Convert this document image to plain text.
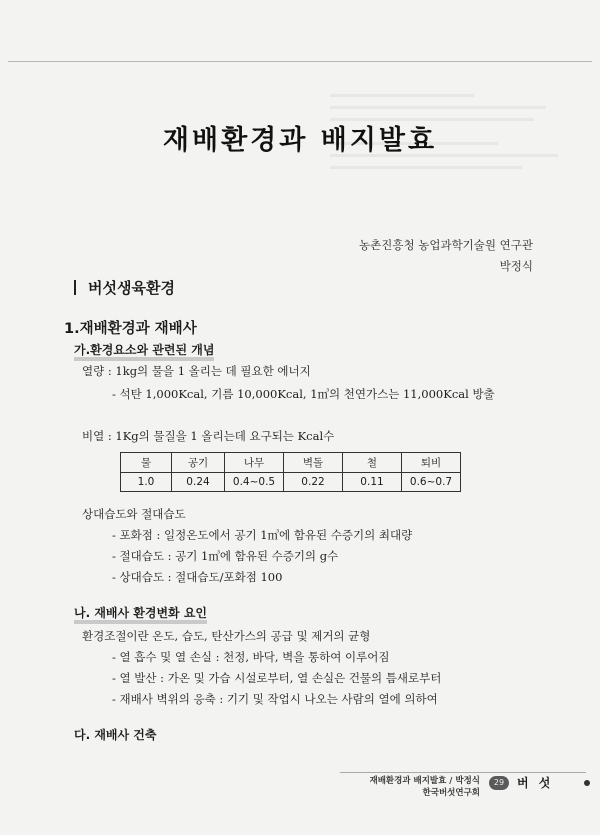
재배환경과 배지발효
농촌진흥청 농업과학기술원 연구관
박정식
버섯생육환경
1.재배환경과 재배사
가.환경요소와 관련된 개념
열량 : 1kg의 물을 1 올리는 데 필요한 에너지
- 석탄 1,000Kcal, 기름 10,000Kcal, 1㎥의 천연가스는 11,000Kcal 방출
비열 : 1Kg의 물질을 1 올리는데 요구되는 Kcal수
물	공기	나무	벽돌	철	퇴비
1.0	0.24	0.4~0.5	0.22	0.11	0.6~0.7
상대습도와 절대습도
- 포화점 : 일정온도에서 공기 1㎥에 함유된 수증기의 최대량
- 절대습도 : 공기 1㎥에 함유된 수증기의 g수
- 상대습도 : 절대습도/포화점 100
나. 재배사 환경변화 요인
환경조절이란 온도, 습도, 탄산가스의 공급 및 제거의 균형
- 열 흡수 및 열 손실 : 천정, 바닥, 벽을 통하여 이루어짐
- 열 발산 : 가온 및 가습 시설로부터, 열 손실은 건물의 틈새로부터
- 재배사 벽위의 응축 : 기기 및 작업시 나오는 사람의 열에 의하여
다. 재배사 건축
재배환경과 배지발효 / 박정식
한국버섯연구회
29	버 섯
